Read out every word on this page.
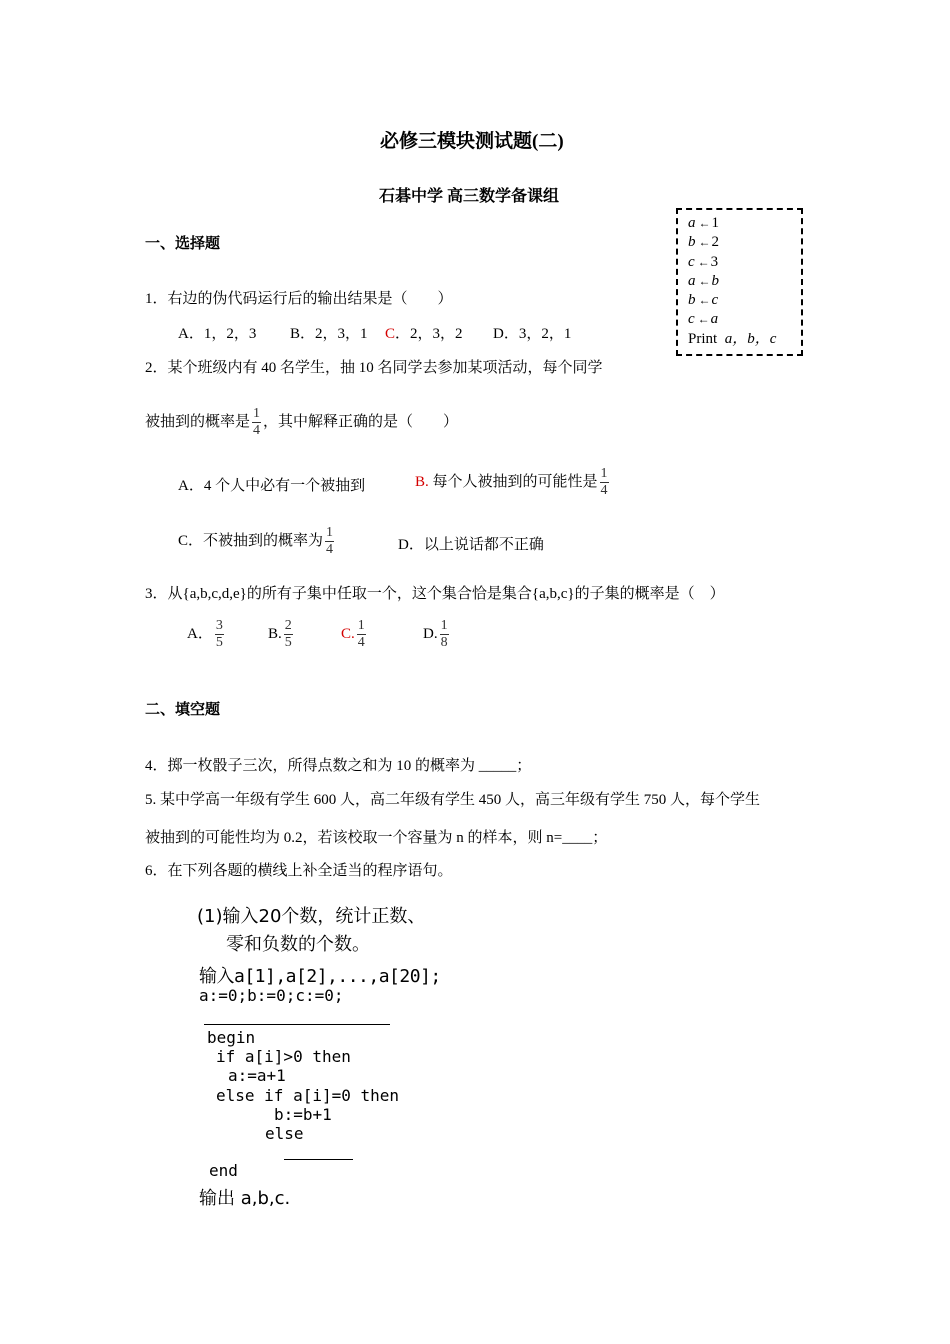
必修三模块测试题(二)
石碁中学 高三数学备课组
一、选择题
a ← 1
b ← 2
c ← 3
a ← b
b ← c
c ← a
Print a，b，c
1．右边的伪代码运行后的输出结果是（　　）
A．1，2，3 B．2，3，1 C．2，3，2 D．3，2，1
2．某个班级内有 40 名学生，抽 10 名同学去参加某项活动，每个同学
被抽到的概率是 $\frac{1}{4}$ ，其中解释正确的是（　　）
A．4 个人中必有一个被抽到	B. 每个人被抽到的可能性是 $\frac{1}{4}$
C．不被抽到的概率为 $\frac{1}{4}$	D．以上说话都不正确
3．从{a,b,c,d,e}的所有子集中任取一个，这个集合恰是集合{a,b,c}的子集的概率是（　）
A． $\frac{3}{5}$	B. $\frac{2}{5}$	C. $\frac{1}{4}$	D. $\frac{1}{8}$
二、填空题
4．掷一枚骰子三次，所得点数之和为 10 的概率为 _____；
5. 某中学高一年级有学生 600 人，高二年级有学生 450 人，高三年级有学生 750 人，每个学生
被抽到的可能性均为 0.2，若该校取一个容量为 n 的样本，则 n=____；
6．在下列各题的横线上补全适当的程序语句。
(1)输入20个数，统计正数、
零和负数的个数。
输入a[1],a[2],...,a[20];
a:=0;b:=0;c:=0;
begin
if a[i]>0 then
a:=a+1
else if a[i]=0 then
b:=b+1
else
end
输出 a,b,c.
